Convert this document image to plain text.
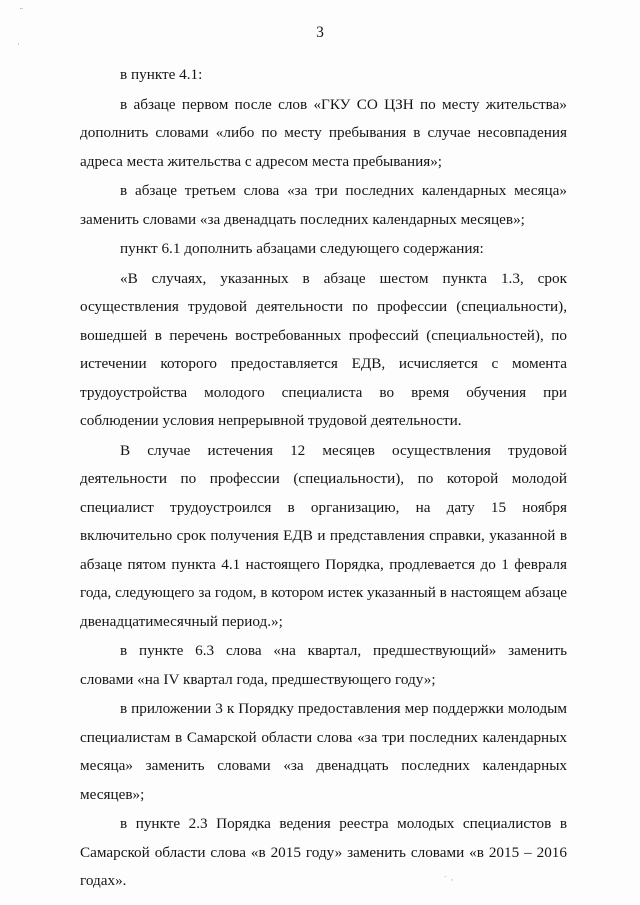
3
¨
·
˙ ·

в пункте 4.1:

в абзаце первом после слов «ГКУ СО ЦЗН по месту жительства» дополнить словами «либо по месту пребывания в случае несовпадения адреса места жительства с адресом места пребывания»;

в абзаце третьем слова «за три последних календарных месяца» заменить словами «за двенадцать последних календарных месяцев»;

пункт 6.1 дополнить абзацами следующего содержания:

«В случаях, указанных в абзаце шестом пункта 1.3, срок осуществления трудовой деятельности по профессии (специальности), вошедшей в перечень востребованных профессий (специальностей), по истечении которого предоставляется ЕДВ, исчисляется с момента трудоустройства молодого специалиста во время обучения при соблюдении условия непрерывной трудовой деятельности.

В случае истечения 12 месяцев осуществления трудовой деятельности по профессии (специальности), по которой молодой специалист трудоустроился в организацию, на дату 15 ноября включительно срок получения ЕДВ и представления справки, указанной в абзаце пятом пункта 4.1 настоящего Порядка, продлевается до 1 февраля года, следующего за годом, в котором истек указанный в настоящем абзаце двенадцатимесячный период.»;

в пункте 6.3 слова «на квартал, предшествующий» заменить словами «на IV квартал года, предшествующего году»;

в приложении 3 к Порядку предоставления мер поддержки молодым специалистам в Самарской области слова «за три последних календарных месяца» заменить словами «за двенадцать последних календарных месяцев»;

в пункте 2.3 Порядка ведения реестра молодых специалистов в Самарской области слова «в 2015 году» заменить словами «в 2015 – 2016 годах».
